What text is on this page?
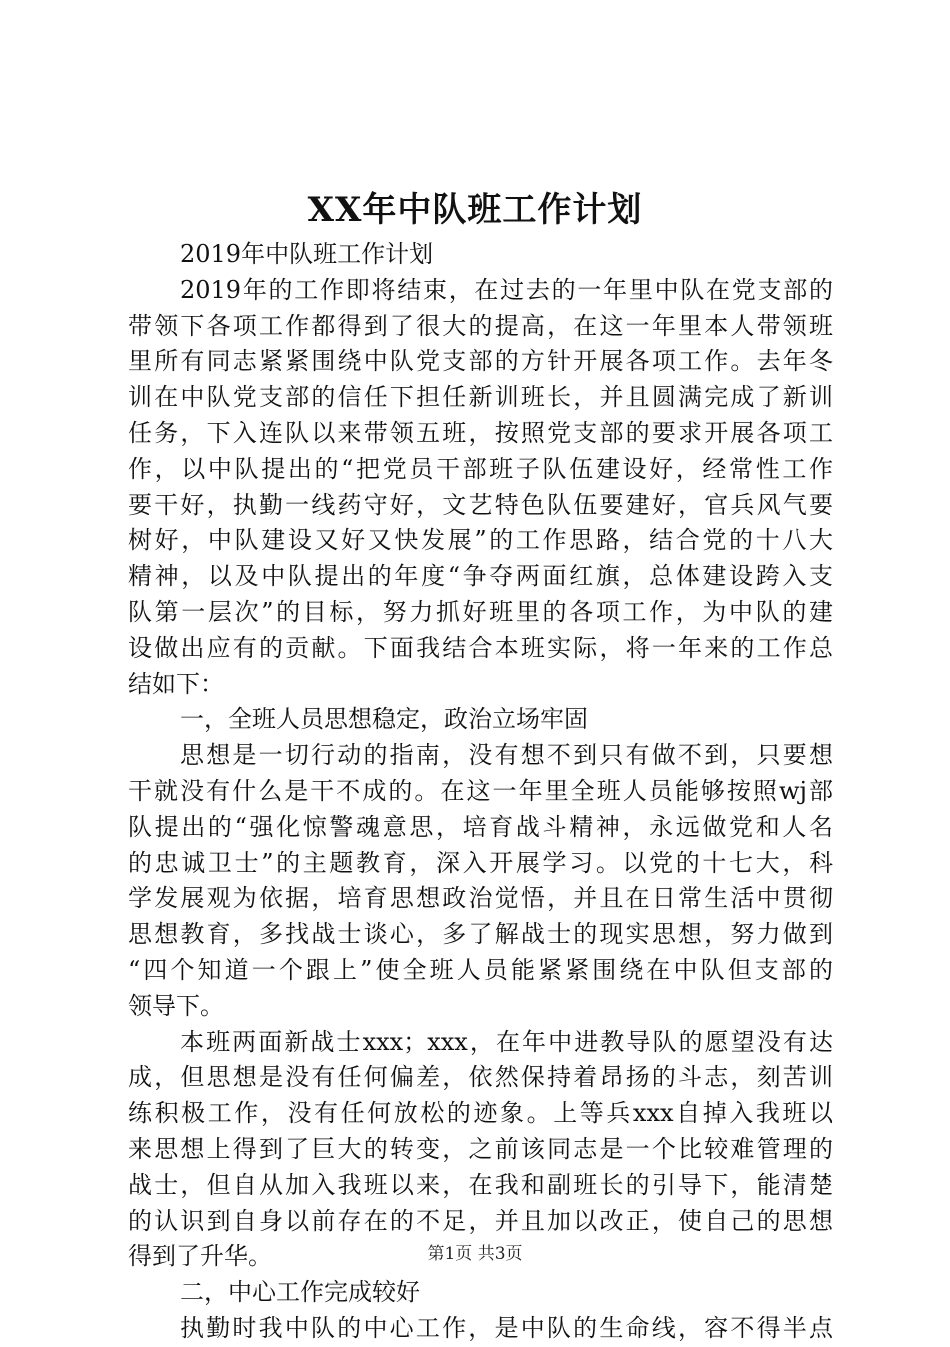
XX年中队班工作计划
2019年中队班工作计划
2019年的工作即将结束，在过去的一年里中队在党支部的
带领下各项工作都得到了很大的提高，在这一年里本人带领班
里所有同志紧紧围绕中队党支部的方针开展各项工作。去年冬
训在中队党支部的信任下担任新训班长，并且圆满完成了新训
任务，下入连队以来带领五班，按照党支部的要求开展各项工
作，以中队提出的“把党员干部班子队伍建设好，经常性工作
要干好，执勤一线药守好，文艺特色队伍要建好，官兵风气要
树好，中队建设又好又快发展”的工作思路，结合党的十八大
精神，以及中队提出的年度“争夺两面红旗，总体建设跨入支
队第一层次”的目标，努力抓好班里的各项工作，为中队的建
设做出应有的贡献。下面我结合本班实际，将一年来的工作总
结如下：
一，全班人员思想稳定，政治立场牢固
思想是一切行动的指南，没有想不到只有做不到，只要想
干就没有什么是干不成的。在这一年里全班人员能够按照wj部
队提出的“强化惊警魂意思，培育战斗精神，永远做党和人名
的忠诚卫士”的主题教育，深入开展学习。以党的十七大，科
学发展观为依据，培育思想政治觉悟，并且在日常生活中贯彻
思想教育，多找战士谈心，多了解战士的现实思想，努力做到
“四个知道一个跟上”使全班人员能紧紧围绕在中队但支部的
领导下。
本班两面新战士xxx；xxx，在年中进教导队的愿望没有达
成，但思想是没有任何偏差，依然保持着昂扬的斗志，刻苦训
练积极工作，没有任何放松的迹象。上等兵xxx自掉入我班以
来思想上得到了巨大的转变，之前该同志是一个比较难管理的
战士，但自从加入我班以来，在我和副班长的引导下，能清楚
的认识到自身以前存在的不足，并且加以改正，使自己的思想
得到了升华。
二，中心工作完成较好
执勤时我中队的中心工作，是中队的生命线，容不得半点
第1页 共3页
